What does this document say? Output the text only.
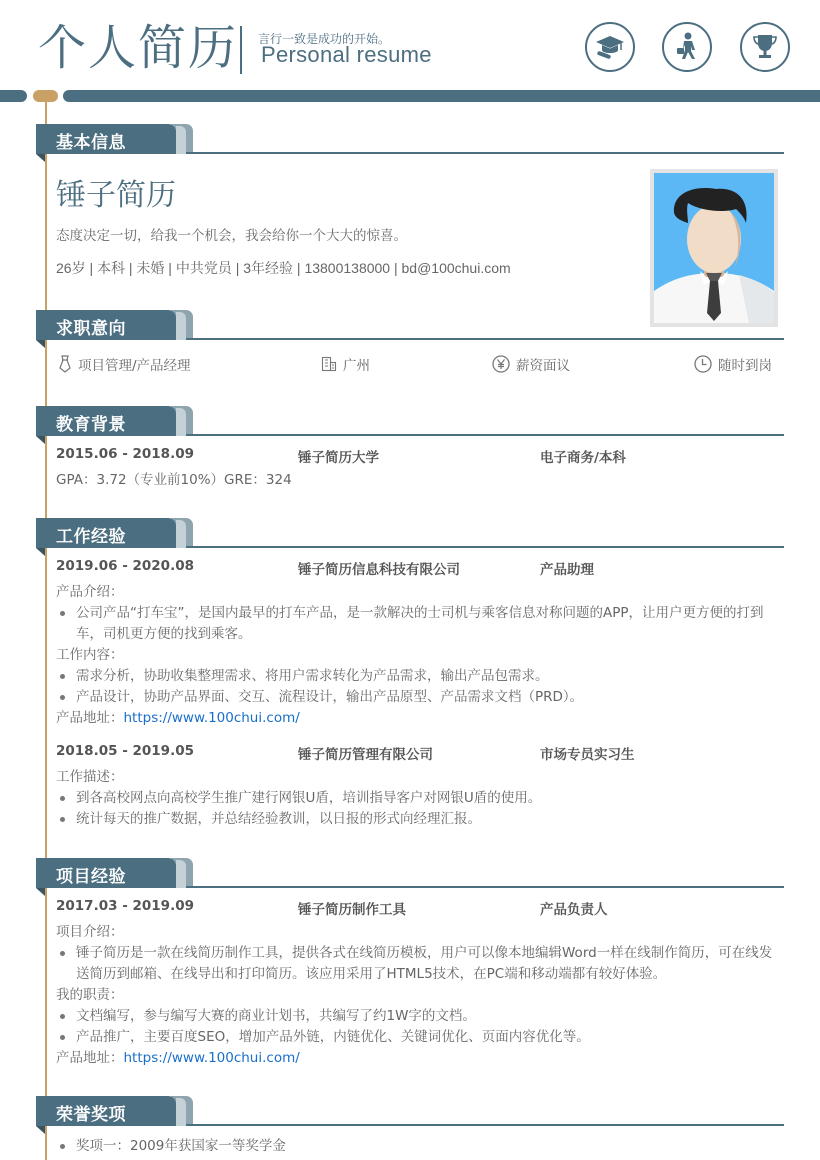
个人简历 言行一致是成功的开始。
Personal resume
基本信息
锤子简历
态度决定一切，给我一个机会，我会给你一个大大的惊喜。
26岁 | 本科 | 未婚 | 中共党员 | 3年经验 | 13800138000 | bd@100chui.com
求职意向
项目管理/产品经理	广州	薪资面议	随时到岗
教育背景
2015.06 - 2018.09	锤子简历大学	电子商务/本科
GPA：3.72（专业前10%）GRE：324
工作经验
2019.06 - 2020.08	锤子简历信息科技有限公司	产品助理
产品介绍：
公司产品“打车宝”，是国内最早的打车产品，是一款解决的士司机与乘客信息对称问题的APP，让用户更方便的打到车，司机更方便的找到乘客。
工作内容：
需求分析，协助收集整理需求、将用户需求转化为产品需求，输出产品包需求。
产品设计，协助产品界面、交互、流程设计，输出产品原型、产品需求文档（PRD）。
产品地址：https://www.100chui.com/
2018.05 - 2019.05	锤子简历管理有限公司	市场专员实习生
工作描述：
到各高校网点向高校学生推广建行网银U盾，培训指导客户对网银U盾的使用。
统计每天的推广数据，并总结经验教训，以日报的形式向经理汇报。
项目经验
2017.03 - 2019.09	锤子简历制作工具	产品负责人
项目介绍：
锤子简历是一款在线简历制作工具，提供各式在线简历模板，用户可以像本地编辑Word一样在线制作简历，可在线发送简历到邮箱、在线导出和打印简历。该应用采用了HTML5技术，在PC端和移动端都有较好体验。
我的职责：
文档编写，参与编写大赛的商业计划书，共编写了约1W字的文档。
产品推广，主要百度SEO，增加产品外链，内链优化、关键词优化、页面内容优化等。
产品地址：https://www.100chui.com/
荣誉奖项
奖项一：2009年获国家一等奖学金
